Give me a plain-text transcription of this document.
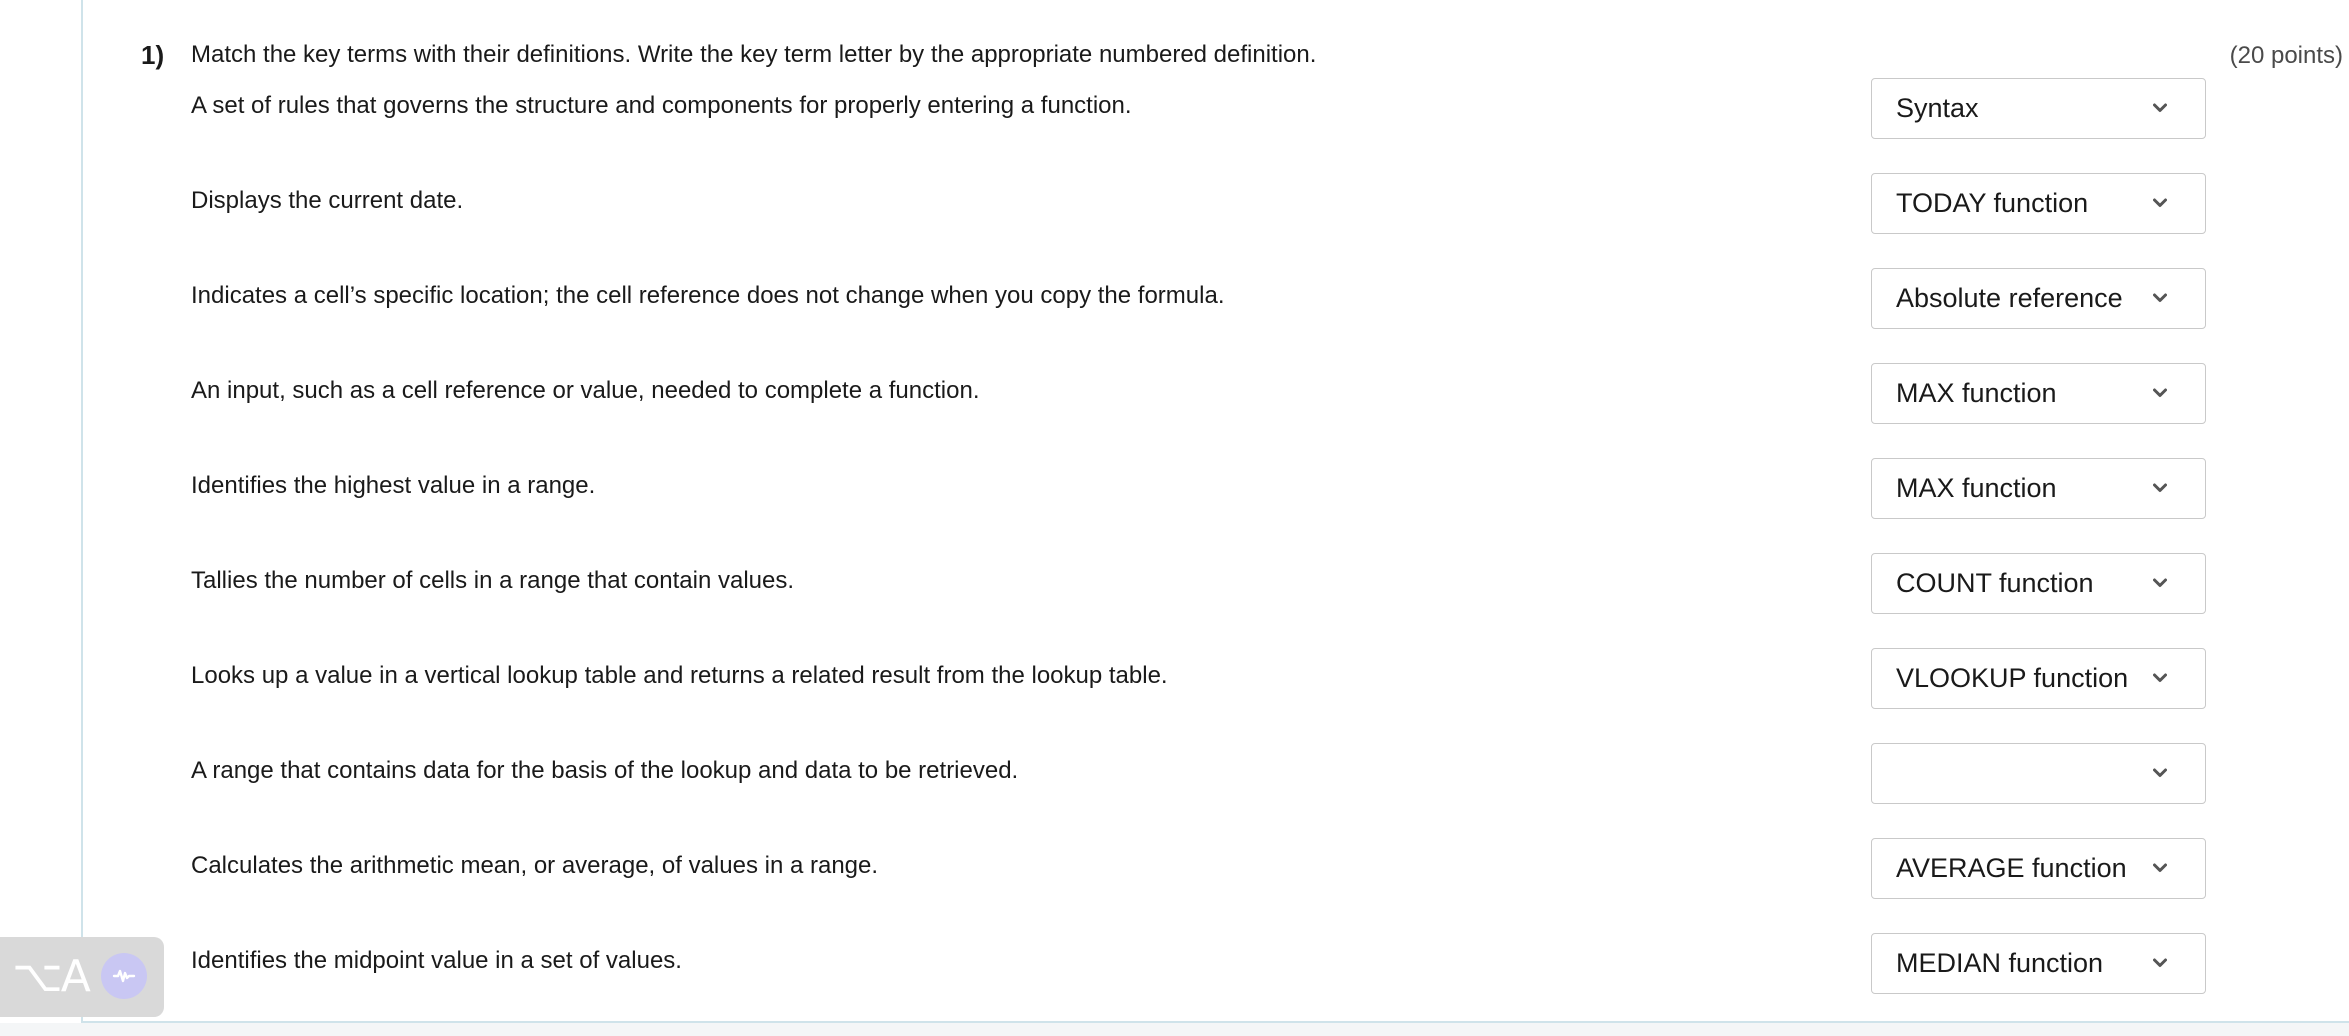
1) Match the key terms with their definitions. Write the key term letter by the appropriate numbered definition.	(20 points)
A set of rules that governs the structure and components for properly entering a function.	Syntax
Displays the current date.	TODAY function
Indicates a cell’s specific location; the cell reference does not change when you copy the formula.	Absolute reference
An input, such as a cell reference or value, needed to complete a function.	MAX function
Identifies the highest value in a range.	MAX function
Tallies the number of cells in a range that contain values.	COUNT function
Looks up a value in a vertical lookup table and returns a related result from the lookup table.	VLOOKUP function
A range that contains data for the basis of the lookup and data to be retrieved.
Calculates the arithmetic mean, or average, of values in a range.	AVERAGE function
Identifies the midpoint value in a set of values.	MEDIAN function
⌥A
